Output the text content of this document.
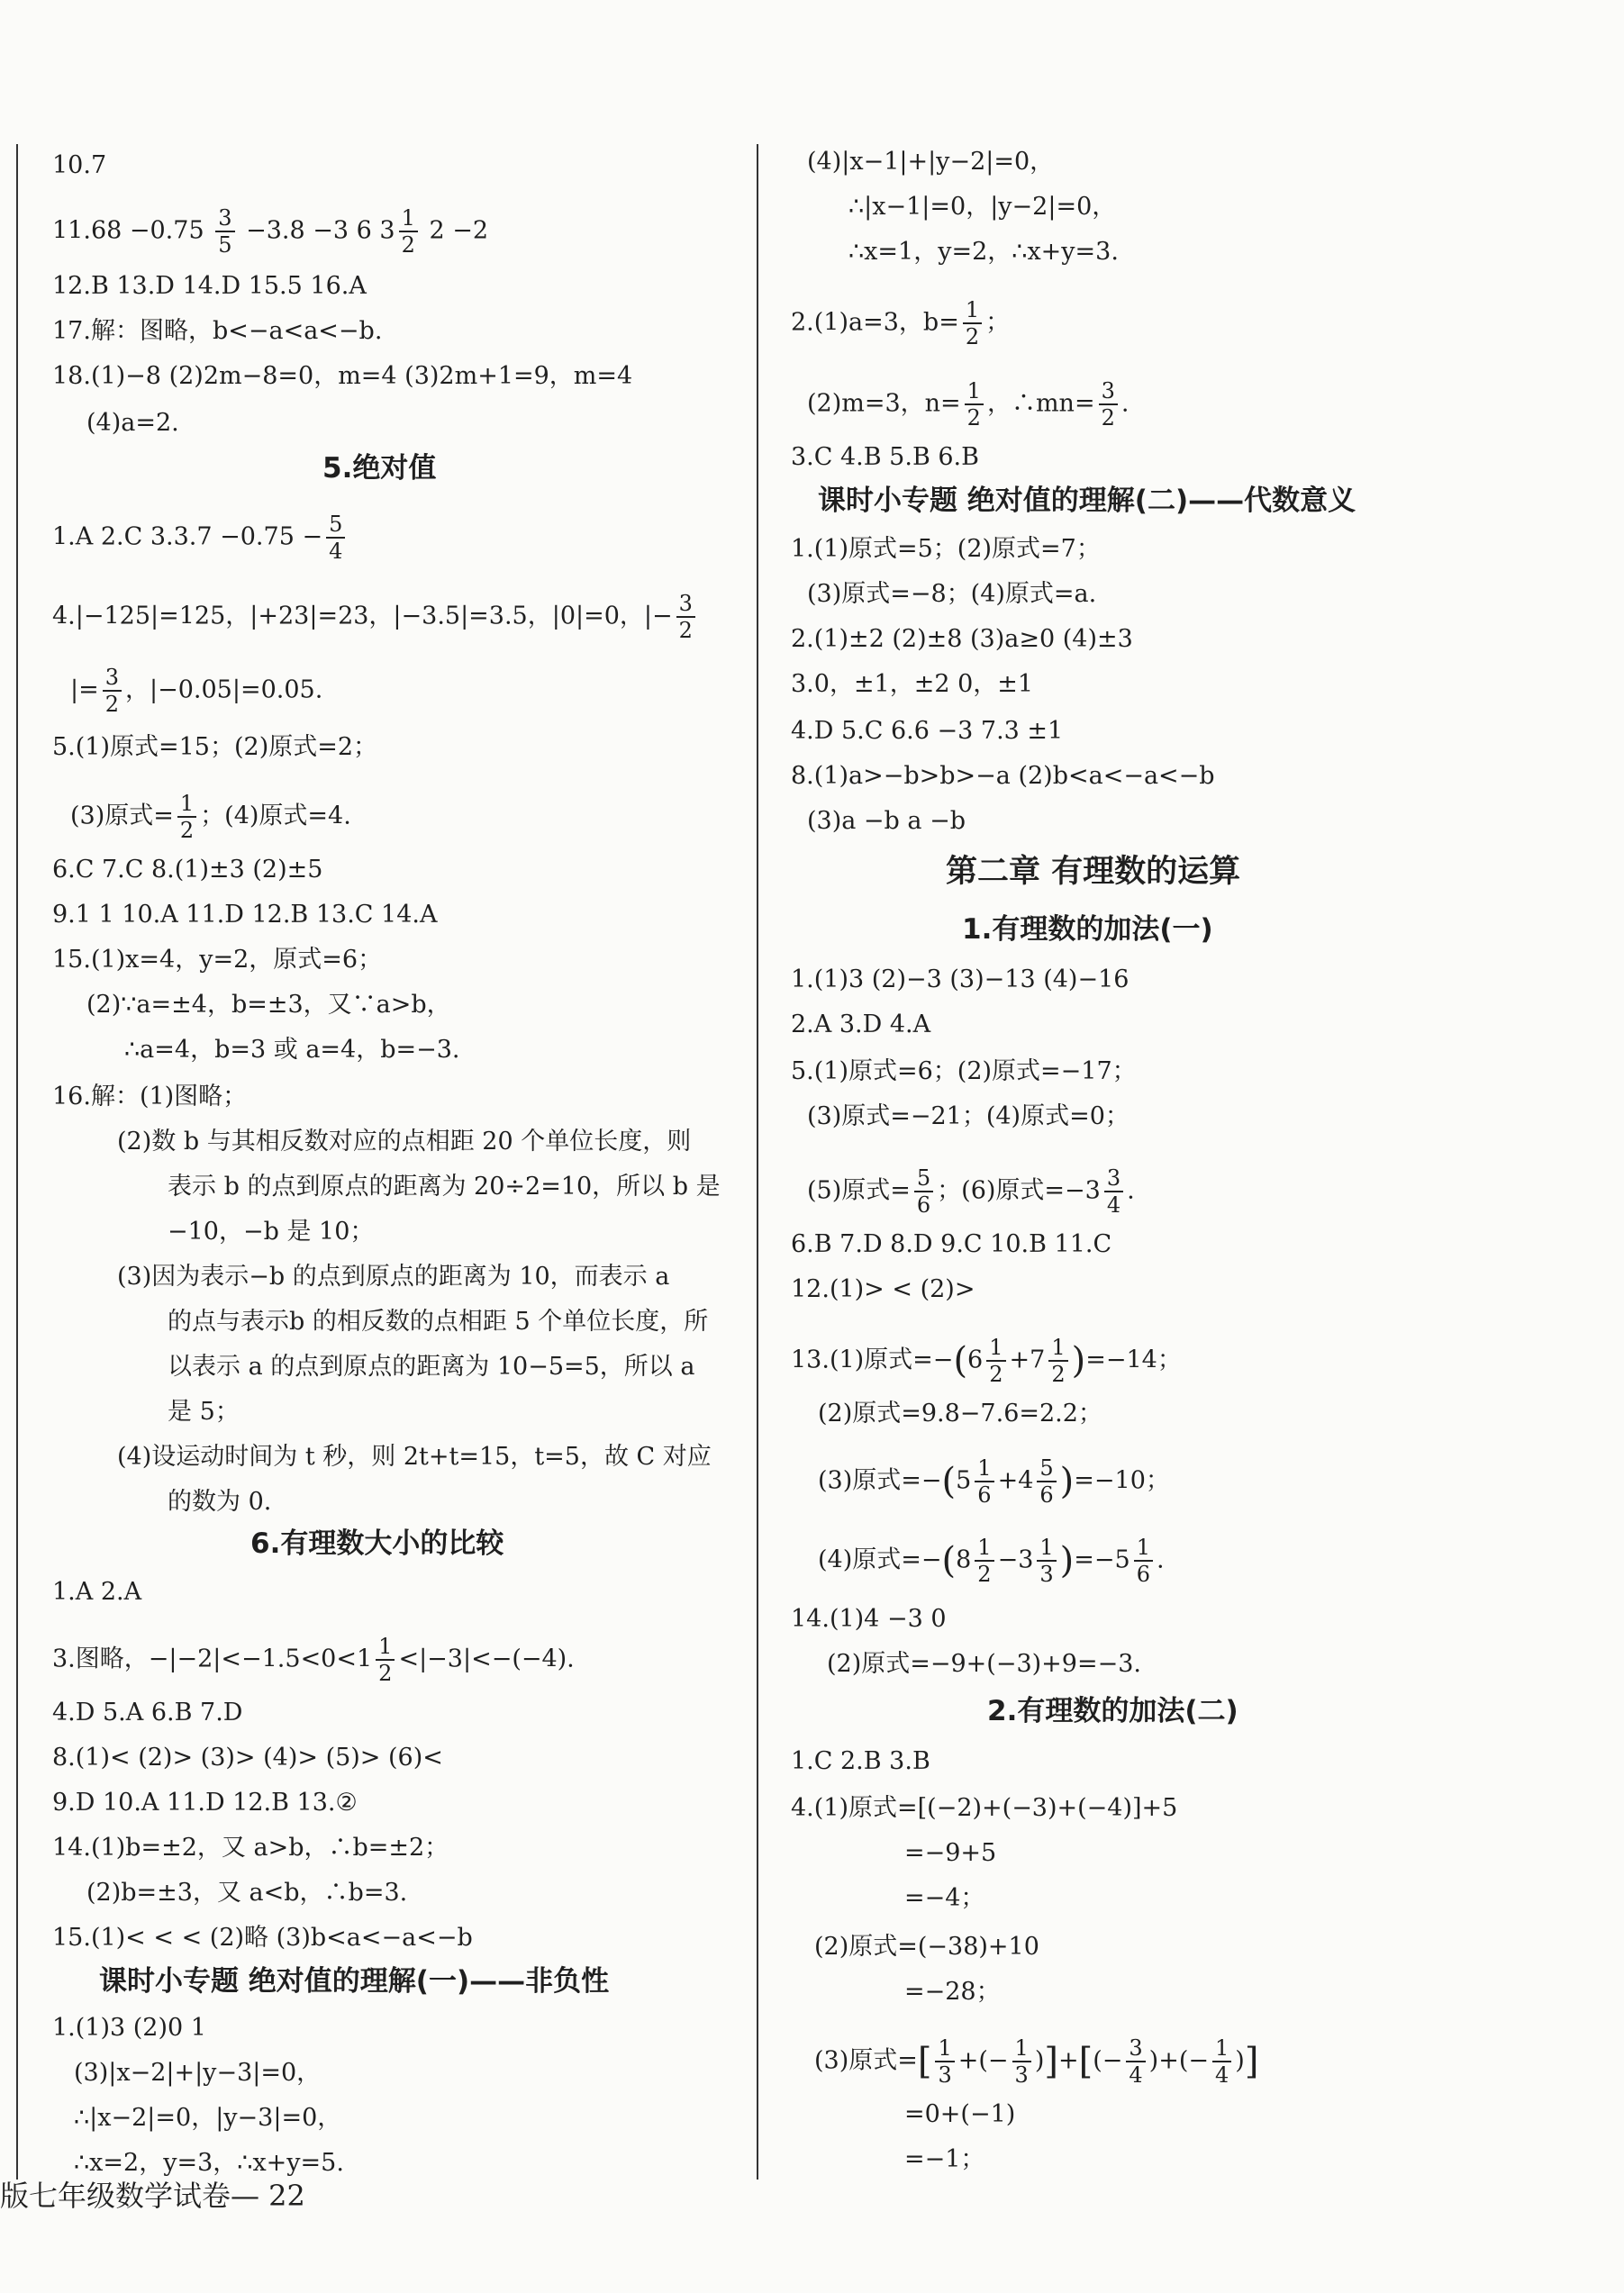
10.7
$11.68 -0.75 \frac{3}{5} -3.8 -3$ 6 $3 \frac{1}{2} 2 -2$
12.B 13.D 14.D 15.5 16.A
17.解：图略，b<−a<a<−b.
18.(1)−8 (2)2m−8=0，m=4 (3)2m+1=9，m=4
(4)a=2.
5.绝对值
1.A 2.C $3.3.7 -0.75 - \frac{5}{4}$
4.|−125|=125，|+23|=23，|−3.5|=3.5，|0|=0，|− $\frac{3}{2}$
|= $\frac{3}{2}$ ，|−0.05|=0.05.
5.(1)原式=15；(2)原式=2；
(3)原式= $\frac{1}{2}$ ；(4)原式=4.
6.C 7.C 8.(1)±3 (2)±5
9.1 1 10.A 11.D 12.B 13.C 14.A
15.(1)x=4，y=2，原式=6；
(2)∵a=±4，b=±3，又∵a>b，
∴a=4，b=3 或 a=4，b=−3.
16.解：(1)图略；
(2)数 b 与其相反数对应的点相距 20 个单位长度，则
表示 b 的点到原点的距离为 20÷2=10，所以 b 是
−10，−b 是 10；
(3)因为表示−b 的点到原点的距离为 10，而表示 a
的点与表示b 的相反数的点相距 5 个单位长度，所
以表示 a 的点到原点的距离为 10−5=5，所以 a
是 5；
(4)设运动时间为 t 秒，则 2t+t=15，t=5，故 C 对应
的数为 0.
6.有理数大小的比较
1.A 2.A
3.图略，$-|-2|<-1.5<0<1 \frac{1}{2} <|-3|<-(-4)$.
4.D 5.A 6.B 7.D
8.(1)< (2)> (3)> (4)> (5)> (6)<
9.D 10.A 11.D 12.B 13.②
14.(1)b=±2，又 a>b，∴b=±2；
(2)b=±3，又 a<b，∴b=3.
15.(1)< < < (2)略 (3)b<a<−a<−b
课时小专题 绝对值的理解(一)——非负性
1.(1)3 (2)0 1
(3)|x−2|+|y−3|=0，
∴|x−2|=0，|y−3|=0，
∴x=2，y=3，∴x+y=5.
版七年级数学试卷— 22
(4)|x−1|+|y−2|=0，
∴|x−1|=0，|y−2|=0，
∴x=1，y=2，∴x+y=3.
2.(1)a=3，$b= \frac{1}{2}$ ；
(2)m=3，$n= \frac{1}{2}$ ，∴mn= $\frac{3}{2}$ .
3.C 4.B 5.B 6.B
课时小专题 绝对值的理解(二)——代数意义
1.(1)原式=5；(2)原式=7；
(3)原式=−8；(4)原式=a.
2.(1)±2 (2)±8 (3)a≥0 (4)±3
3.0，±1，±2 0，±1
4.D 5.C 6.6 −3 7.3 ±1
8.(1)a>−b>b>−a (2)b<a<−a<−b
(3)a −b a −b
第二章 有理数的运算
1.有理数的加法(一)
1.(1)3 (2)−3 (3)−13 (4)−16
2.A 3.D 4.A
5.(1)原式=6；(2)原式=−17；
(3)原式=−21；(4)原式=0；
(5)原式= $\frac{5}{6}$ ；(6)原式$=-3 \frac{3}{4}$ .
6.B 7.D 8.D 9.C 10.B 11.C
12.(1)> < (2)>
13.(1)原式$=-(6 \frac{1}{2} +7 \frac{1}{2} )=-14$；
(2)原式=9.8−7.6=2.2；
(3)原式$=-(5 \frac{1}{6} +4 \frac{5}{6} )=-10$；
(4)原式$=-(8 \frac{1}{2} -3 \frac{1}{3} )=-5 \frac{1}{6}$ .
14.(1)4 −3 0
(2)原式=−9+(−3)+9=−3.
2.有理数的加法(二)
1.C 2.B 3.B
4.(1)原式=[(−2)+(−3)+(−4)]+5
=−9+5
=−4；
(2)原式=(−38)+10
=−28；
(3)原式=[ $\frac{1}{3}$ +(− $\frac{1}{3}$ )]+[(− $\frac{3}{4}$ )+(− $\frac{1}{4}$ )]
=0+(−1)
=−1；
